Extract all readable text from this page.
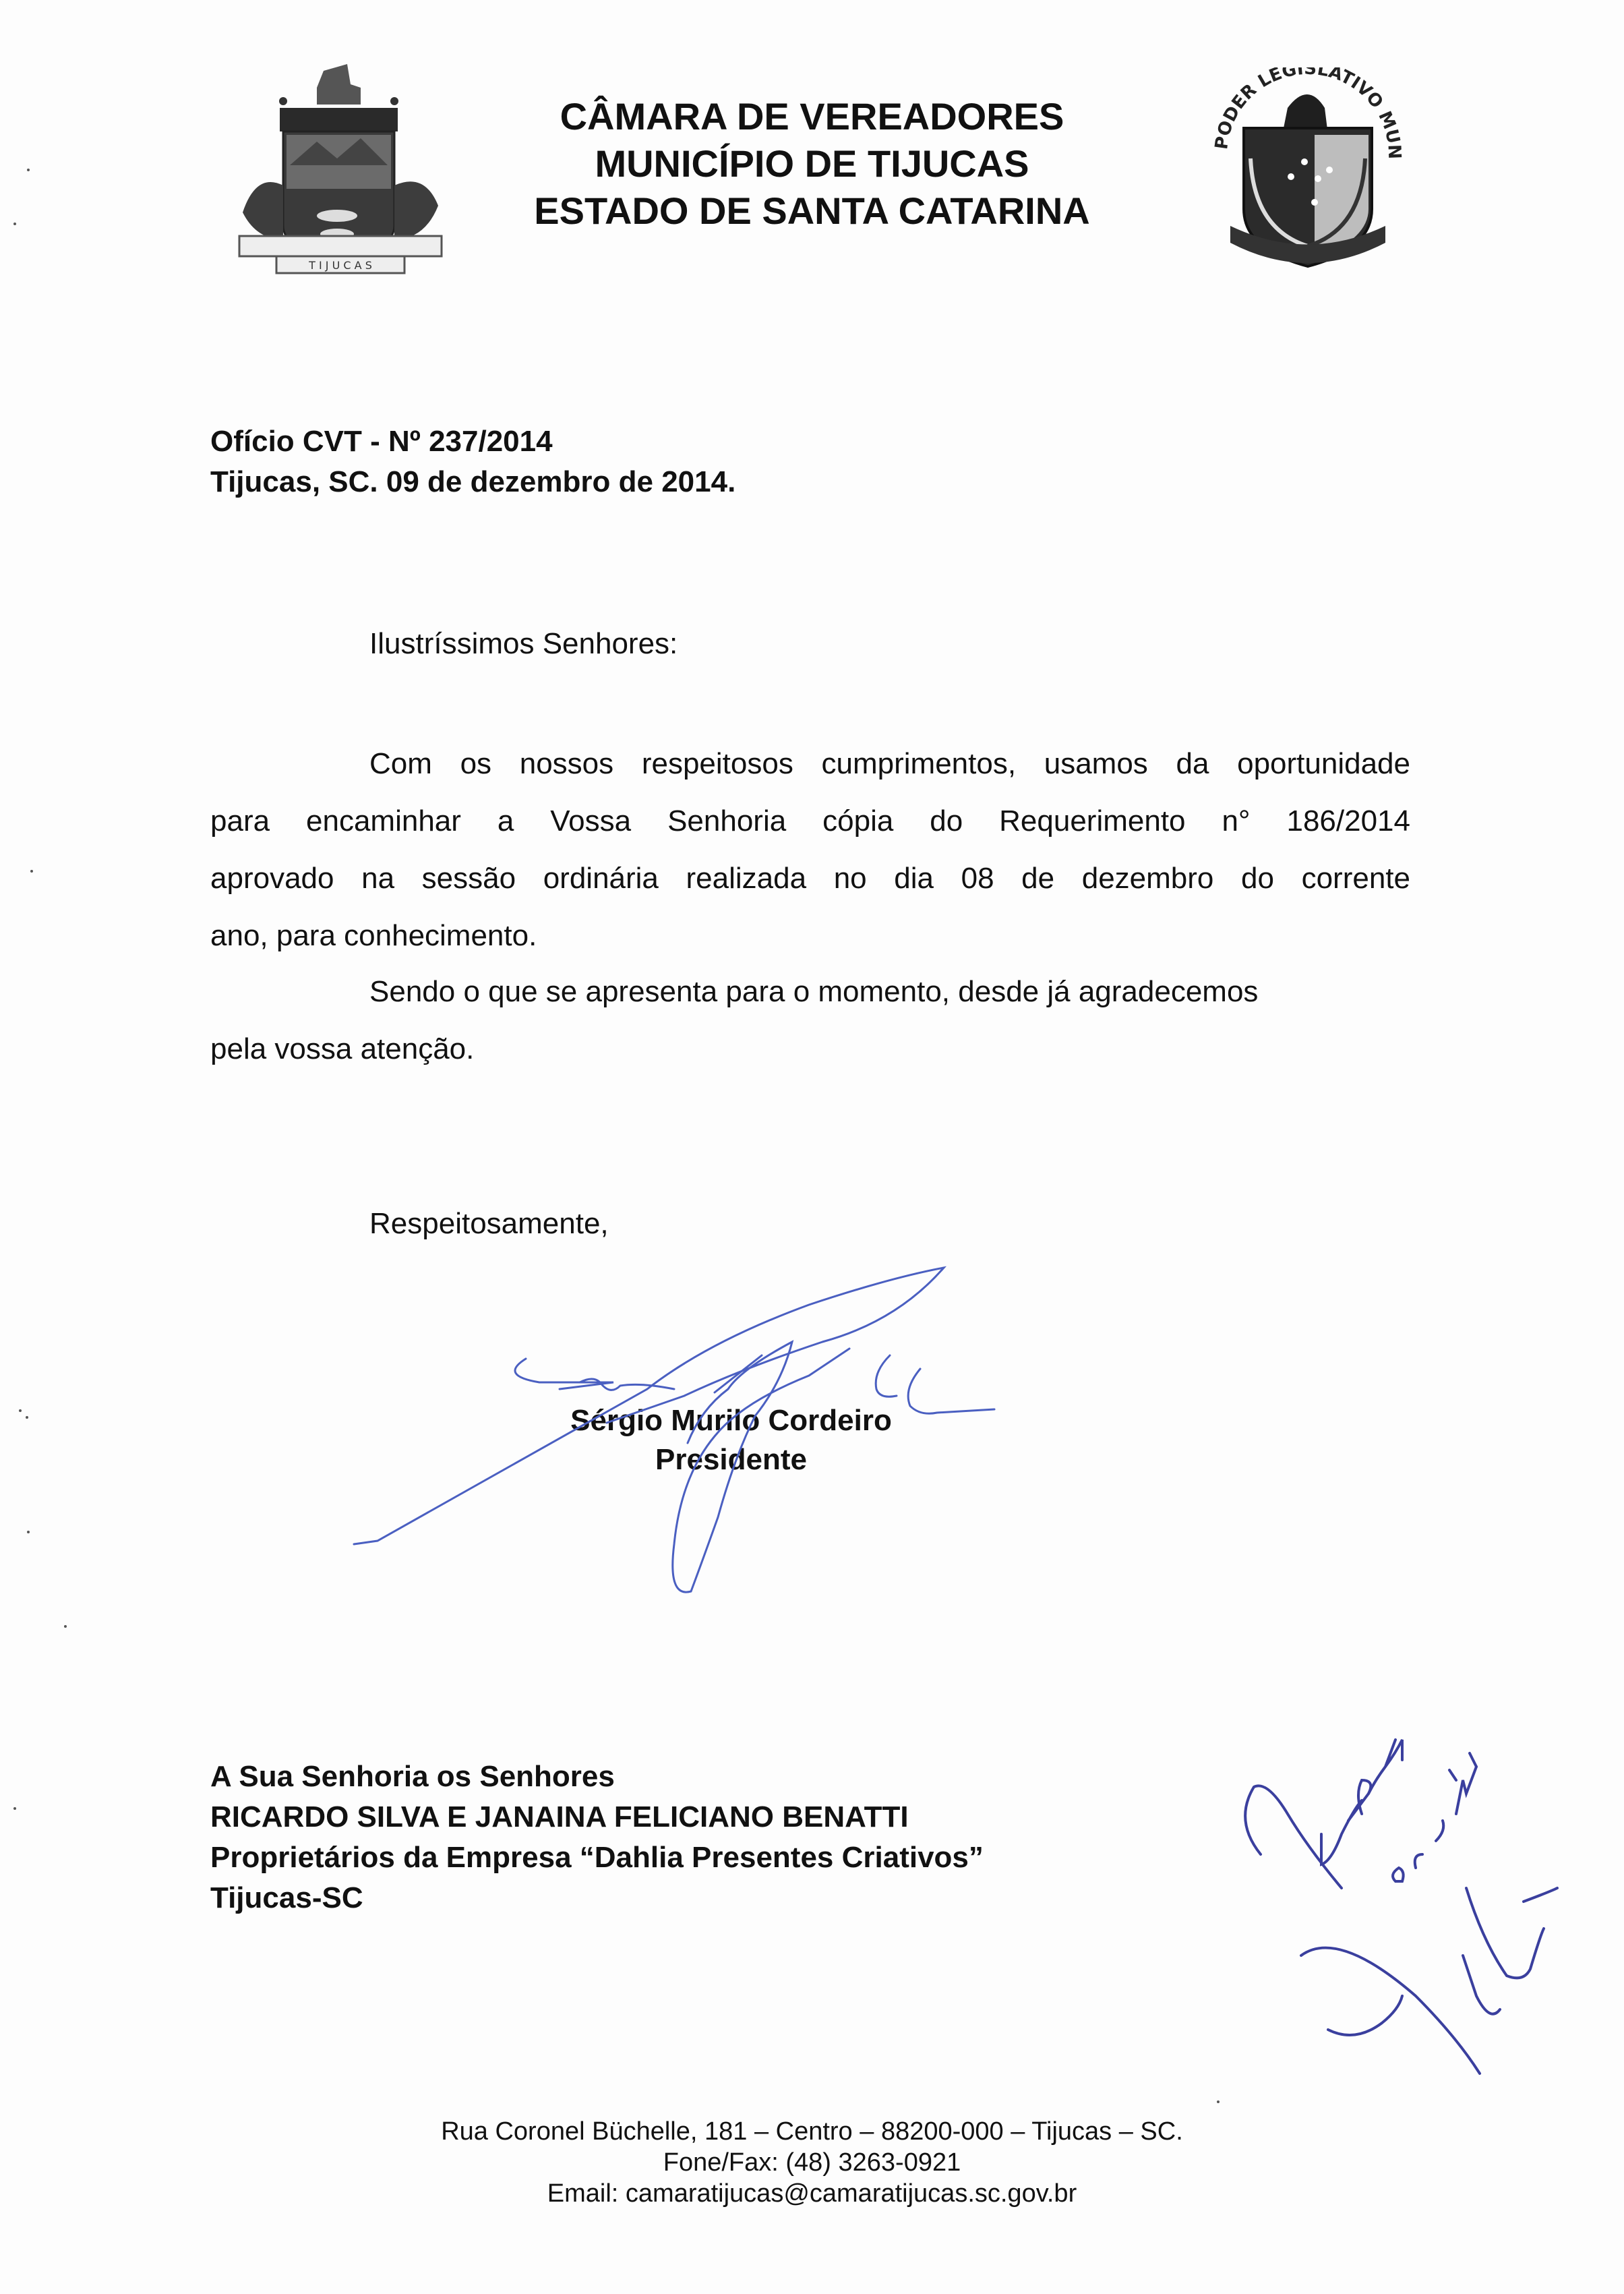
T I J U C A S
CÂMARA DE VEREADORES
MUNICÍPIO DE TIJUCAS
ESTADO DE SANTA CATARINA
PODER LEGISLATIVO MUN
Ofício CVT - Nº 237/2014
Tijucas, SC. 09 de dezembro de 2014.
Ilustríssimos Senhores:
Com os nossos respeitosos cumprimentos, usamos da oportunidade
para encaminhar a Vossa Senhoria cópia do Requerimento n° 186/2014
aprovado na sessão ordinária realizada no dia 08 de dezembro do corrente
ano, para conhecimento.
Sendo o que se apresenta para o momento, desde já agradecemos
pela vossa atenção.
Respeitosamente,
Sérgio Murilo Cordeiro
Presidente
A Sua Senhoria os Senhores
RICARDO SILVA E JANAINA FELICIANO BENATTI
Proprietários da Empresa “Dahlia Presentes Criativos”
Tijucas-SC
Rua Coronel Büchelle, 181 – Centro – 88200-000 – Tijucas – SC.
Fone/Fax: (48) 3263-0921
Email: camaratijucas@camaratijucas.sc.gov.br
